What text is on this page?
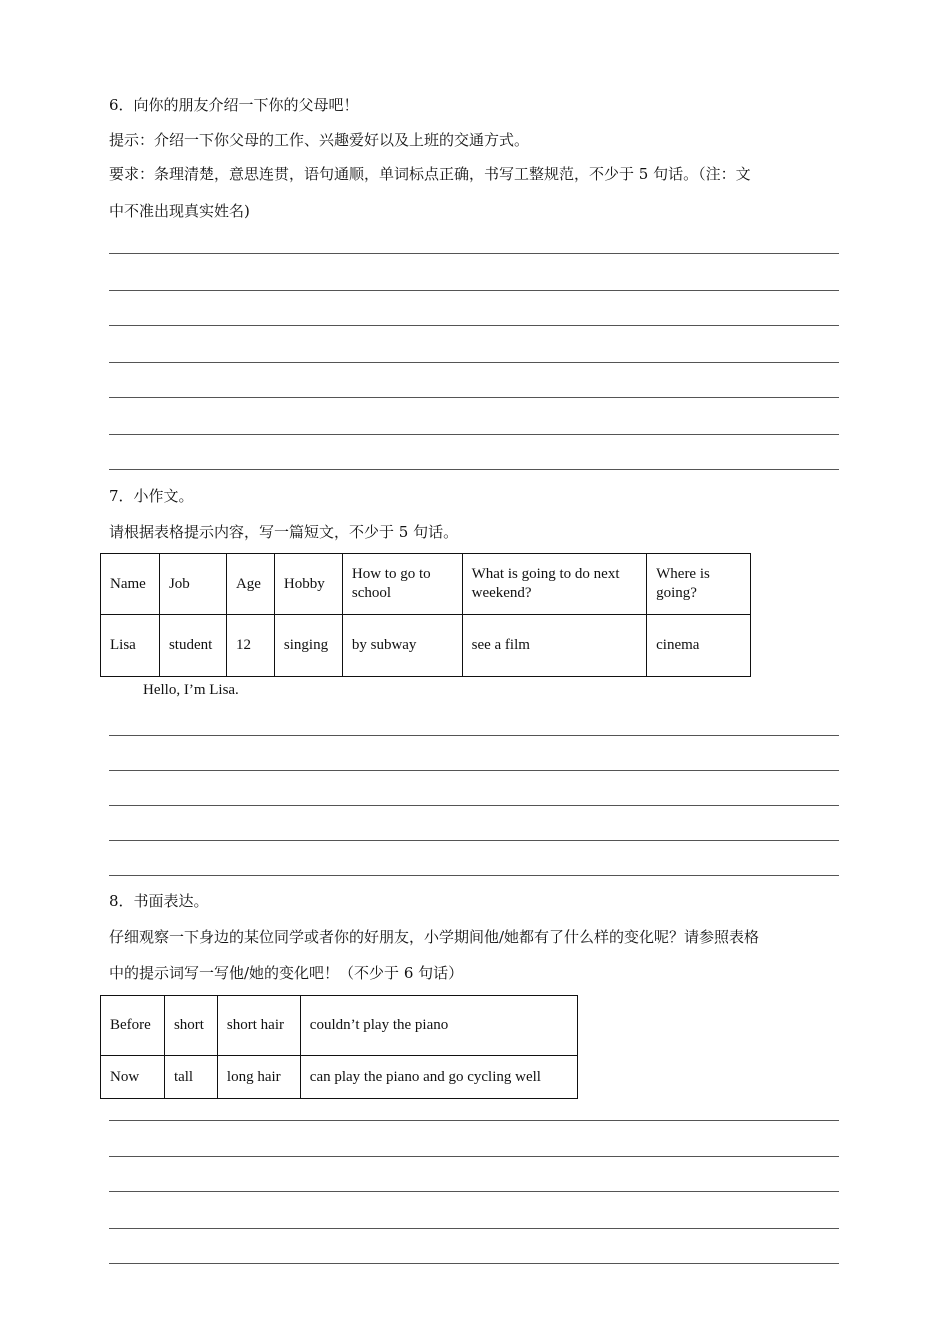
6．向你的朋友介绍一下你的父母吧！
提示：介绍一下你父母的工作、兴趣爱好以及上班的交通方式。
要求：条理清楚，意思连贯，语句通顺，单词标点正确，书写工整规范，不少于 5 句话。（注：文
中不准出现真实姓名)
7．小作文。
请根据表格提示内容，写一篇短文，不少于 5 句话。
Name	Job	Age	Hobby	How to go to school	What is going to do next weekend?	Where is going?
Lisa	student	12	singing	by subway	see a film	cinema
Hello, I’m Lisa.
8．书面表达。
仔细观察一下身边的某位同学或者你的好朋友，小学期间他/她都有了什么样的变化呢？请参照表格
中的提示词写一写他/她的变化吧！（不少于 6 句话）
Before	short	short hair	couldn’t play the piano
Now	tall	long hair	can play the piano and go cycling well
